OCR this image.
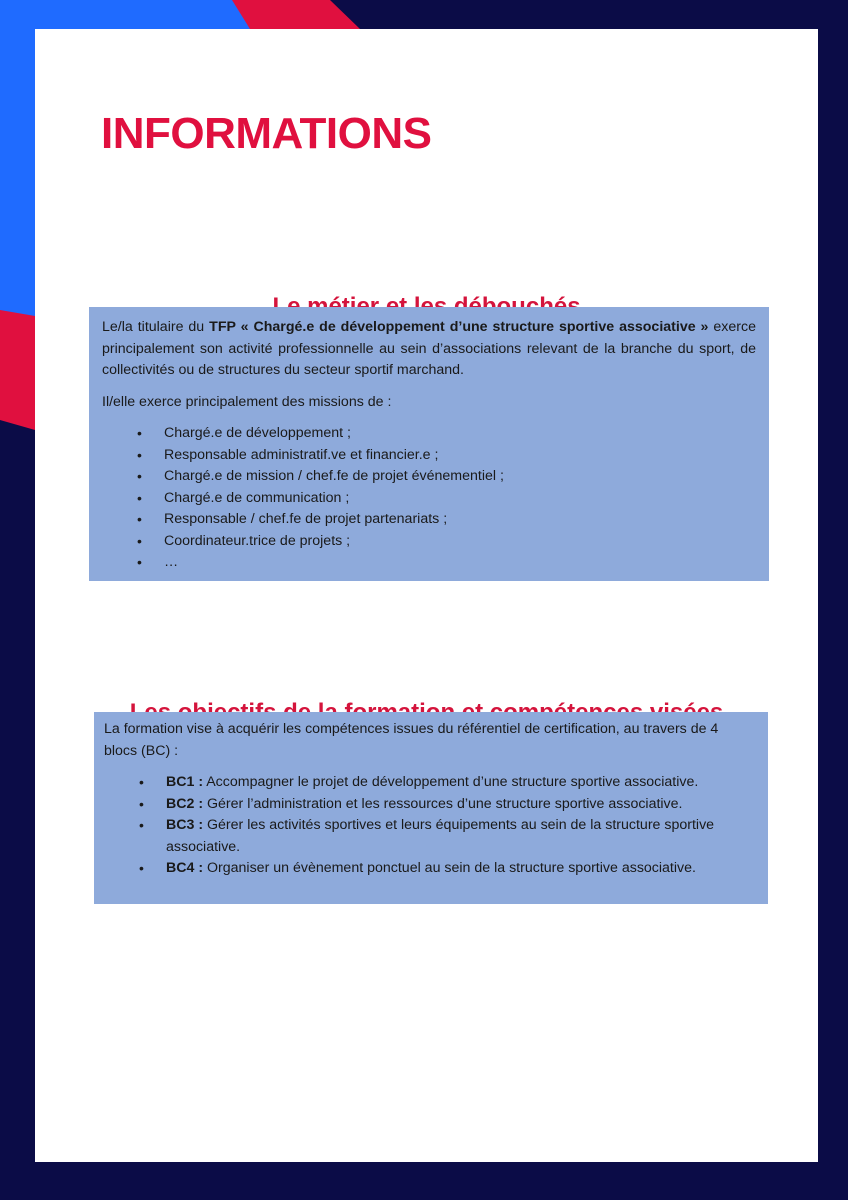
INFORMATIONS

Le/la titulaire du TFP « Chargé.e de développement d’une structure sportive associative » exerce principalement son activité professionnelle au sein d’associations relevant de la branche du sport, de collectivités ou de structures du secteur sportif marchand.

Il/elle exerce principalement des missions de :

• Chargé.e de développement ;
• Responsable administratif.ve et financier.e ;
• Chargé.e de mission / chef.fe de projet événementiel ;
• Chargé.e de communication ;
• Responsable / chef.fe de projet partenariats ;
• Coordinateur.trice de projets ;
• …

La formation vise à acquérir les compétences issues du référentiel de certification, au travers de 4 blocs (BC) :

• BC1 : Accompagner le projet de développement d’une structure sportive associative.
• BC2 : Gérer l’administration et les ressources d’une structure sportive associative.
• BC3 : Gérer les activités sportives et leurs équipements au sein de la structure sportive associative.
• BC4 : Organiser un évènement ponctuel au sein de la structure sportive associative.
